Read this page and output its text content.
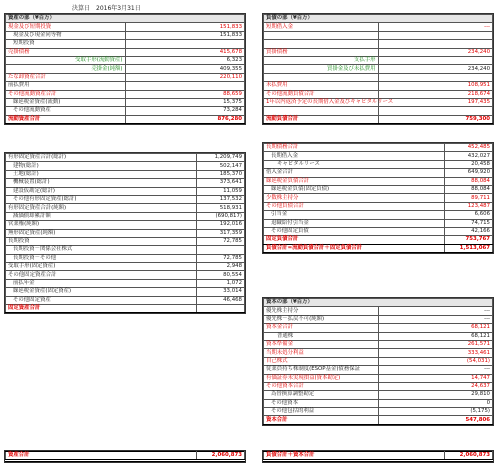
決算日 2016年3月31日
資産の部（¥百万）	
現金及び短期投資	151,833
現金及び現金同等物	151,833
短期投資	
売掛債務	415,678
受取手形(流動資産)	6,323
売掛金(純額)	409,355
たな卸資産合計	220,110
前払費用	
その他流動資産合計	88,659
繰延税金資産(流動)	15,375
その他流動資産	73,284
流動資産合計	876,280
有形固定資産合計(総計)	1,209,749
建物(総計)	502,147
土地(総計)	185,370
機械装置(総計)	373,641
建設仮勘定(総計)	11,059
その他有形固定資産(総計)	137,532
有形固定資産合計(純額)	518,931
減価償却累計額	(690,817)
営業権(純額)	192,016
無形固定資産(純額)	317,359
長期投資	72,785
長期投資－関係会社株式	
長期投資－その他	72,785
受取手形(固定資産)	2,948
その他固定資産合計	80,554
前払年金	1,072
繰延税金資産(固定資産)	33,014
その他固定資産	46,468
固定資産合計	
資産合計	2,060,873
負債の部（¥百万）	
短期借入金	---

買掛債務	234,240
支払手形	
買掛金及び未払費用	234,240

未払費用	108,951
その他流動負債合計	218,674
1年以内返済予定の長期借入金及びキャピタルリース	197,435

流動負債合計	759,300
長期債務合計	452,485
長期借入金	432,027
キャピタルリース	20,458
借入金合計	649,920
繰延税金負債合計	88,084
繰延税金負債(固定負債)	88,084
少数株主持分	89,711
その他負債合計	123,487
引当金	6,606
退職給付引当金	74,715
その他固定負債	42,166
固定負債合計	753,767
負債合計=流動負債合計＋固定負債合計	1,513,067
資本の部（¥百万）	
優先株主持分	---
優先株－払戻不可(純額)	---
資本金合計	68,121
普通株	68,121
資本準備金	261,571
当期未処分利益	333,461
自己株式	(54,031)
従業員持ち株制度(ESOP基金)債務保証	---
有価証券未実現損益(資本勘定)	14,747
その他資本合計	24,637
為替換算調整勘定	29,810
その他資本	0
その他包括的利益	(5,175)
資本合計	547,806
負債合計＋資本合計	2,060,873
